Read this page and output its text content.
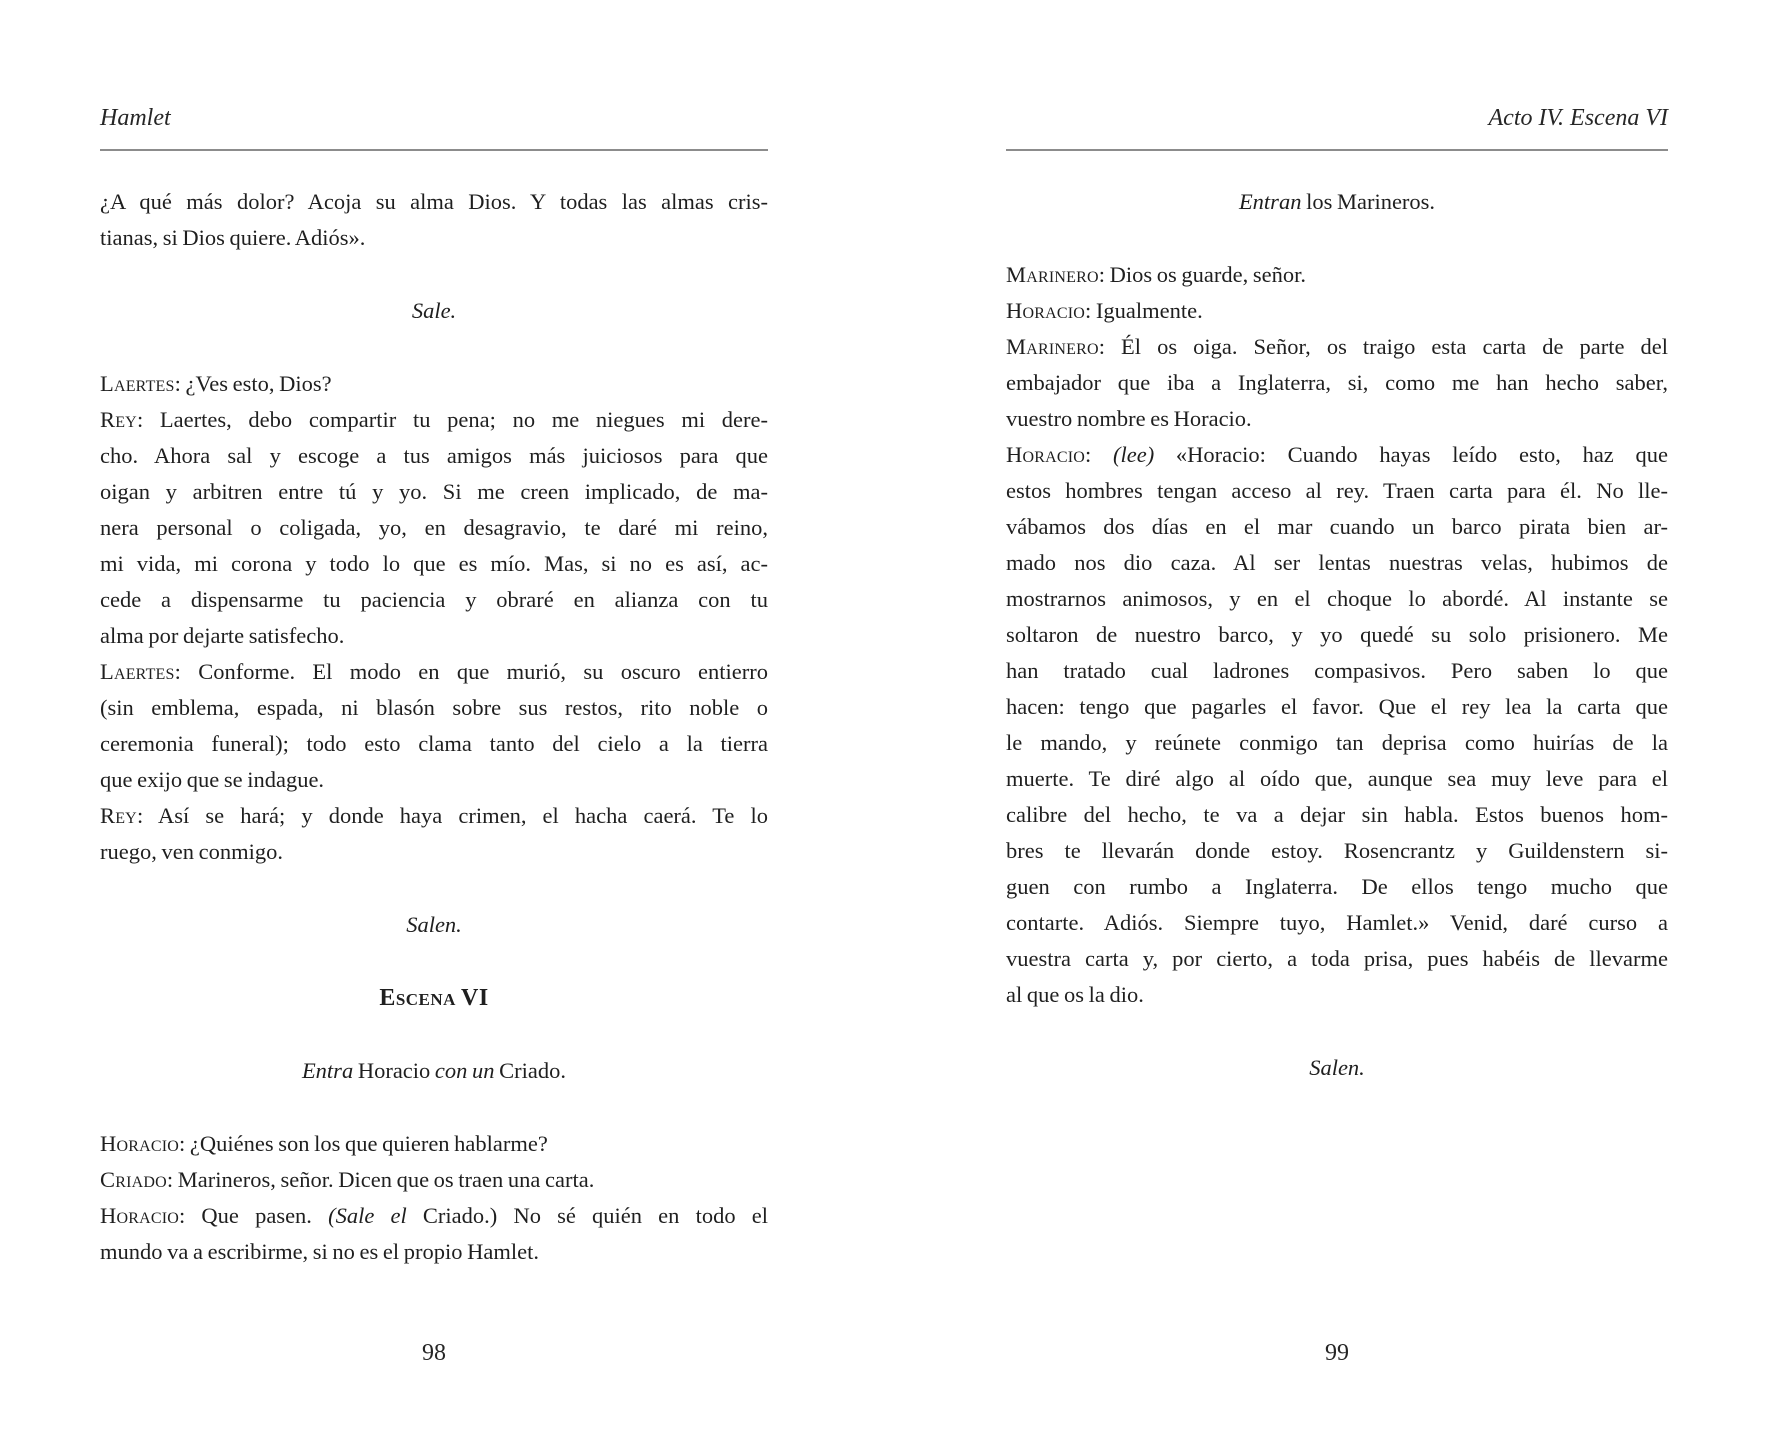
Hamlet
¿A qué más dolor? Acoja su alma Dios. Y todas las almas cris-
tianas, si Dios quiere. Adiós».
Sale.
Laertes: ¿Ves esto, Dios?
Rey: Laertes, debo compartir tu pena; no me niegues mi dere-
cho. Ahora sal y escoge a tus amigos más juiciosos para que
oigan y arbitren entre tú y yo. Si me creen implicado, de ma-
nera personal o coligada, yo, en desagravio, te daré mi reino,
mi vida, mi corona y todo lo que es mío. Mas, si no es así, ac-
cede a dispensarme tu paciencia y obraré en alianza con tu
alma por dejarte satisfecho.
Laertes: Conforme. El modo en que murió, su oscuro entierro
(sin emblema, espada, ni blasón sobre sus restos, rito noble o
ceremonia funeral); todo esto clama tanto del cielo a la tierra
que exijo que se indague.
Rey: Así se hará; y donde haya crimen, el hacha caerá. Te lo
ruego, ven conmigo.
Salen.
Escena VI
Entra Horacio con un Criado.
Horacio: ¿Quiénes son los que quieren hablarme?
Criado: Marineros, señor. Dicen que os traen una carta.
Horacio: Que pasen. (Sale el Criado.) No sé quién en todo el
mundo va a escribirme, si no es el propio Hamlet.
98
Acto IV. Escena VI
Entran los Marineros.
Marinero: Dios os guarde, señor.
Horacio: Igualmente.
Marinero: Él os oiga. Señor, os traigo esta carta de parte del
embajador que iba a Inglaterra, si, como me han hecho saber,
vuestro nombre es Horacio.
Horacio: (lee) «Horacio: Cuando hayas leído esto, haz que
estos hombres tengan acceso al rey. Traen carta para él. No lle-
vábamos dos días en el mar cuando un barco pirata bien ar-
mado nos dio caza. Al ser lentas nuestras velas, hubimos de
mostrarnos animosos, y en el choque lo abordé. Al instante se
soltaron de nuestro barco, y yo quedé su solo prisionero. Me
han tratado cual ladrones compasivos. Pero saben lo que
hacen: tengo que pagarles el favor. Que el rey lea la carta que
le mando, y reúnete conmigo tan deprisa como huirías de la
muerte. Te diré algo al oído que, aunque sea muy leve para el
calibre del hecho, te va a dejar sin habla. Estos buenos hom-
bres te llevarán donde estoy. Rosencrantz y Guildenstern si-
guen con rumbo a Inglaterra. De ellos tengo mucho que
contarte. Adiós. Siempre tuyo, Hamlet.» Venid, daré curso a
vuestra carta y, por cierto, a toda prisa, pues habéis de llevarme
al que os la dio.
Salen.
99
